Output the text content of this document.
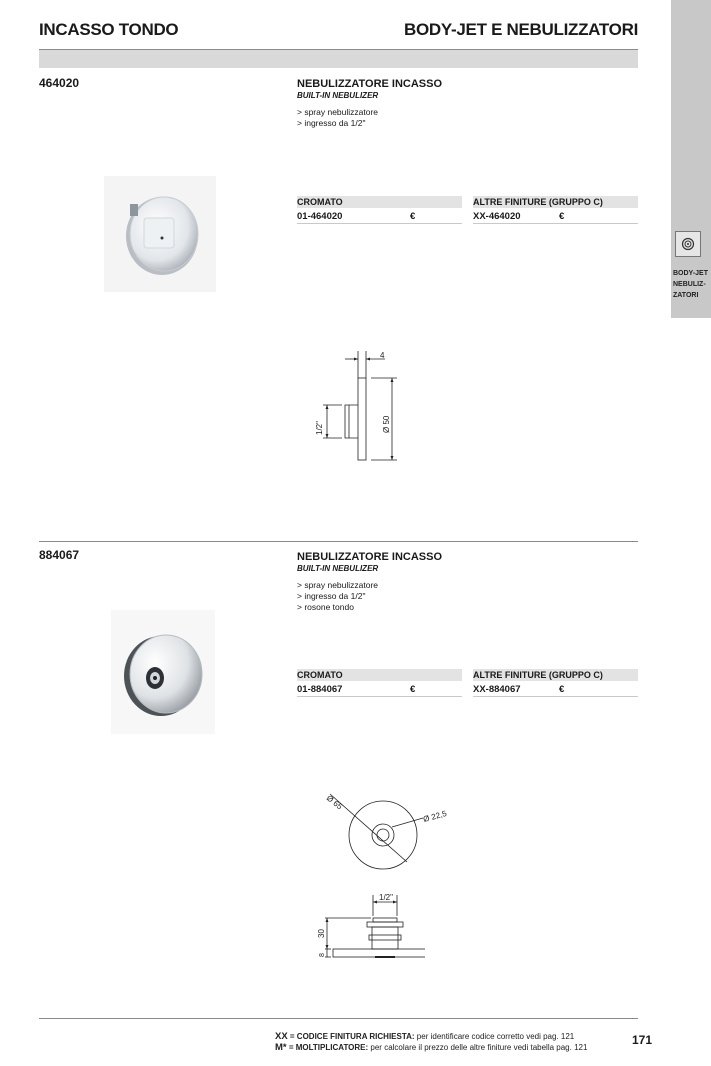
INCASSO TONDO	BODY-JET E NEBULIZZATORI
BODY-JET
NEBULIZ-
ZATORI
464020	NEBULIZZATORE INCASSO
BUILT-IN NEBULIZER
> spray nebulizzatore
> ingresso da 1/2"
CROMATO	ALTRE FINITURE (GRUPPO C)
01-464020	€	XX-464020	€
4
1/2"	Ø 50
884067	NEBULIZZATORE INCASSO
BUILT-IN NEBULIZER
> spray nebulizzatore
> ingresso da 1/2"
> rosone tondo
CROMATO	ALTRE FINITURE (GRUPPO C)
01-884067	€	XX-884067	€
Ø 65
Ø 22,5
1/2"
30
8
XX = CODICE FINITURA RICHIESTA: per identificare codice corretto vedi pag. 121
M* = MOLTIPLICATORE: per calcolare il prezzo delle altre finiture vedi tabella pag. 121
171
